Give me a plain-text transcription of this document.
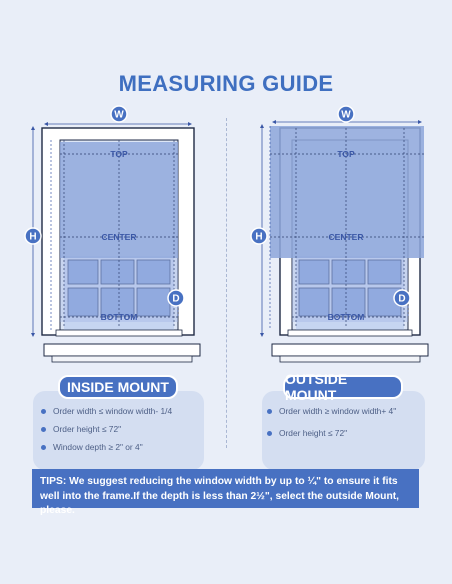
MEASURING GUIDE
TOP
CENTER
BOTTOM
W
H
D
TOP
CENTER
BOTTOM
W
H
D
INSIDE MOUNT
Order width ≤ window width- 1/4
Order height ≤ 72"
Window depth ≥ 2" or 4"
OUTSIDE MOUNT
Order width ≥ window width+ 4"
Order height ≤ 72"
TIPS: We suggest reducing the window width by up to ¼" to ensure it fits well into the frame.If the depth is less than 2½", select the outside Mount, please.
